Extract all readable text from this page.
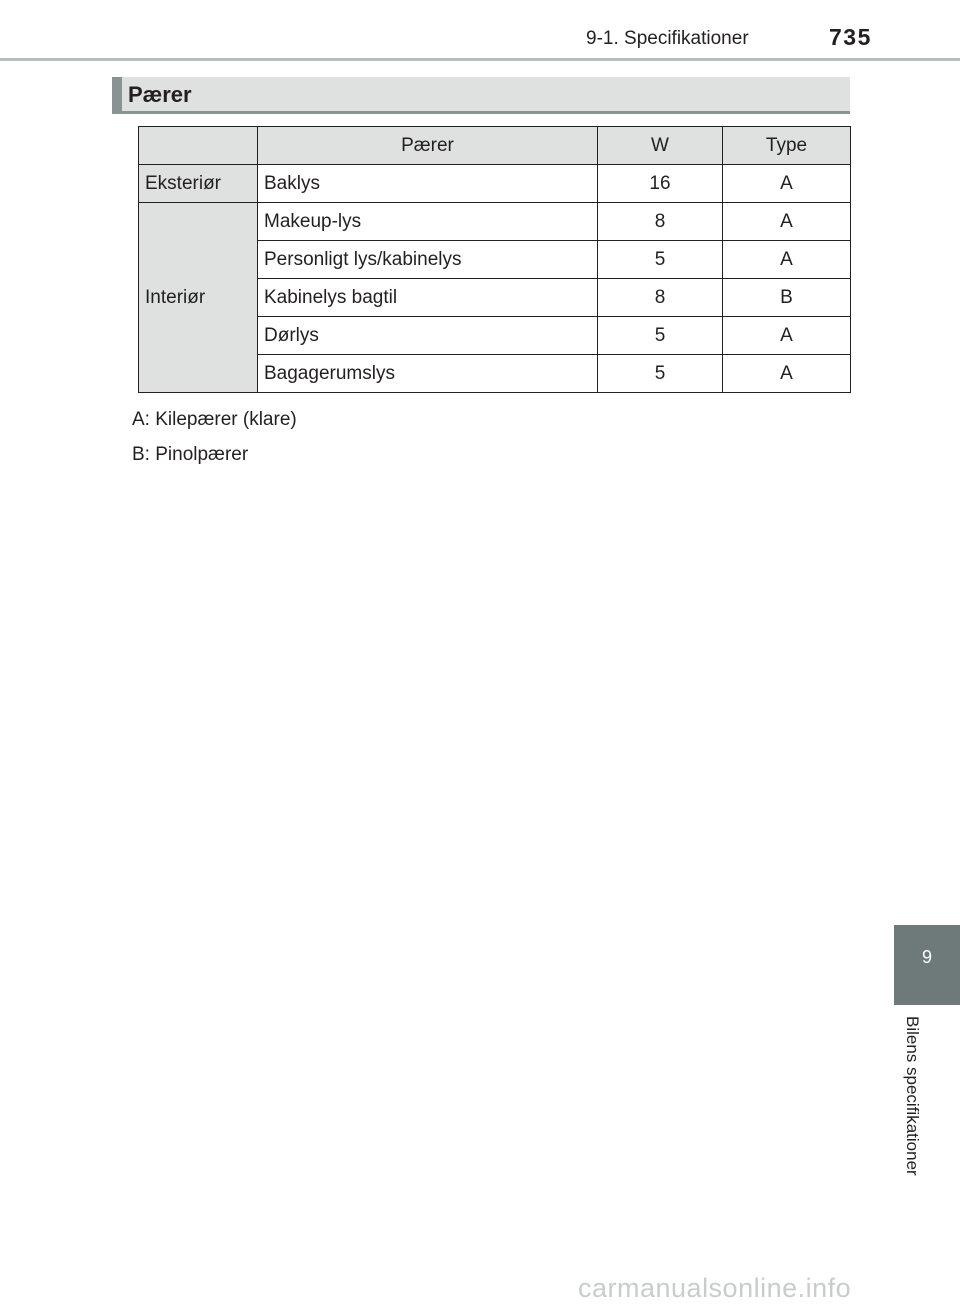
9-1. Specifikationer	735
Pærer
	Pærer	W	Type
Eksteriør	Baklys	16	A
Interiør	Makeup-lys	8	A
	Personligt lys/kabinelys	5	A
	Kabinelys bagtil	8	B
	Dørlys	5	A
	Bagagerumslys	5	A
A: Kilepærer (klare)
B: Pinolpærer
9
Bilens specifikationer
carmanualsonline.info
